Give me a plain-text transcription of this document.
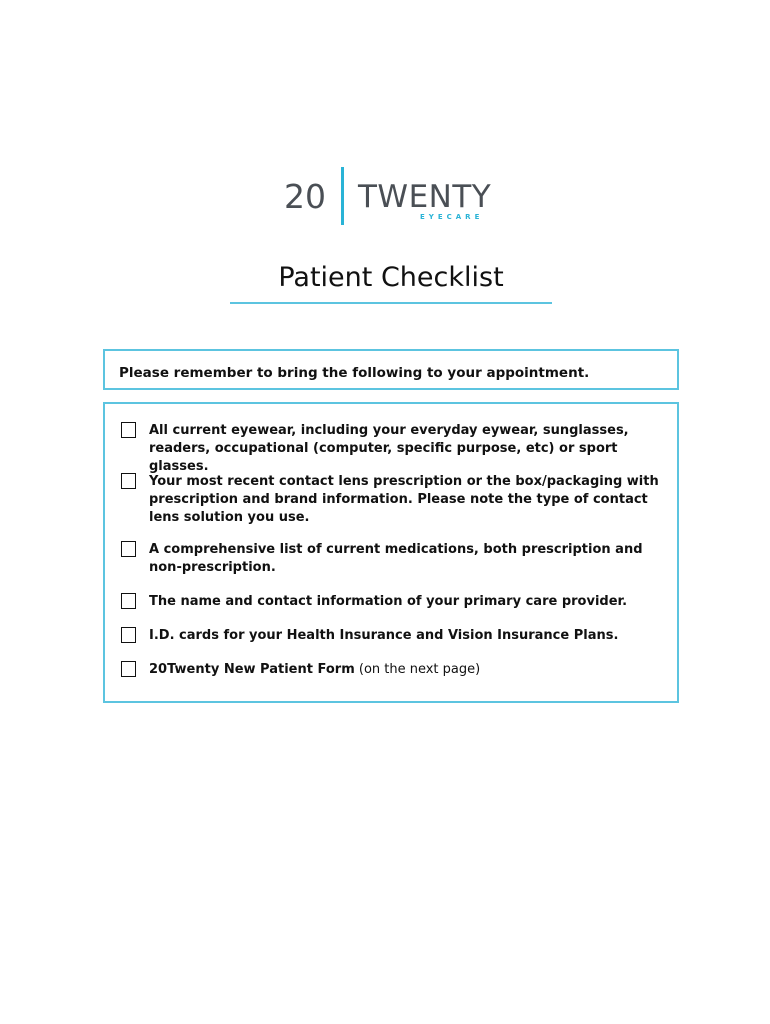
20 TWENTY
EYECARE
Patient Checklist
Please remember to bring the following to your appointment.
All current eyewear, including your everyday eywear, sunglasses, readers, occupational (computer, specific purpose, etc) or sport glasses.
Your most recent contact lens prescription or the box/packaging with prescription and brand information. Please note the type of contact lens solution you use.
A comprehensive list of current medications, both prescription and non-prescription.
The name and contact information of your primary care provider.
I.D. cards for your Health Insurance and Vision Insurance Plans.
20Twenty New Patient Form (on the next page)
